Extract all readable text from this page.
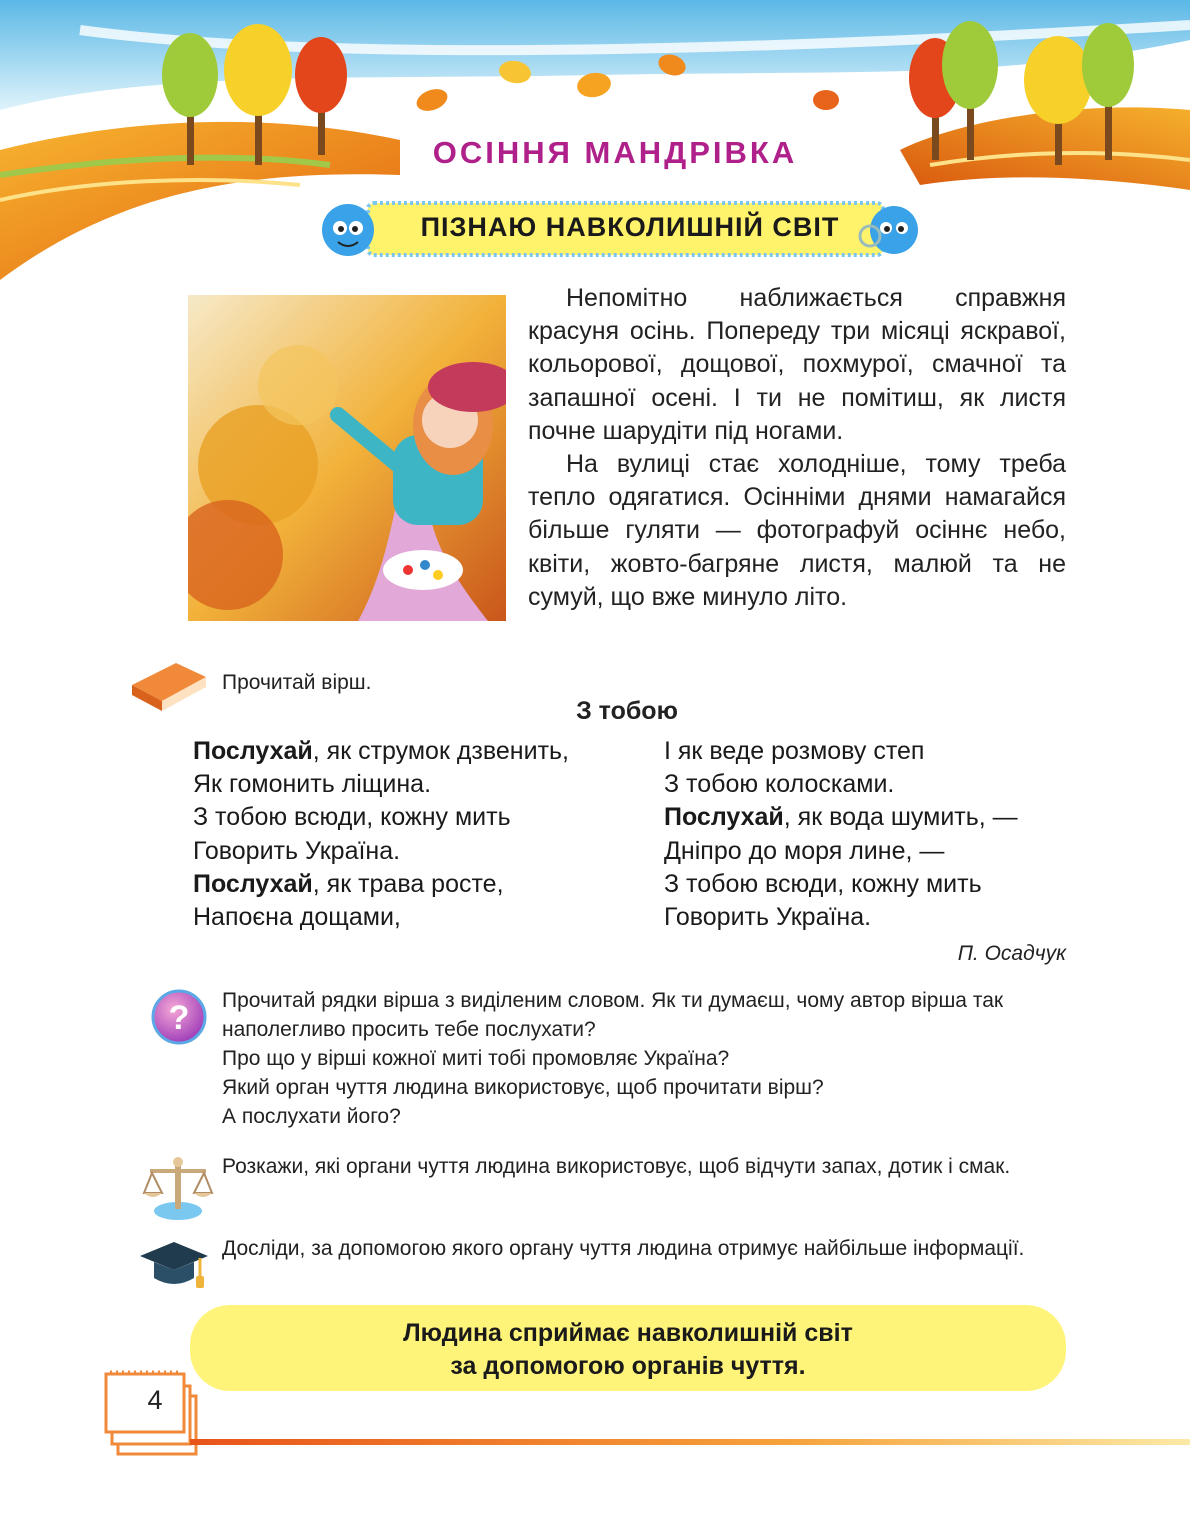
ОСІННЯ МАНДРІВКА
ПІЗНАЮ НАВКОЛИШНІЙ СВІТ

Непомітно наближається справжня красуня осінь. Попереду три місяці яскравої, кольорової, дощової, похмурої, смачної та запашної осені. І ти не помітиш, як листя почне шарудіти під ногами.

На вулиці стає холодніше, тому треба тепло одягатися. Осінніми днями намагайся більше гуляти — фотографуй осіннє небо, квіти, жовто-багряне листя, малюй та не сумуй, що вже минуло літо.

Прочитай вірш.
З тобою
Послухай, як струмок дзвенить,
Як гомонить ліщина.
З тобою всюди, кожну мить
Говорить Україна.
Послухай, як трава росте,
Напоєна дощами,
І як веде розмову степ
З тобою колосками.
Послухай, як вода шумить, —
Дніпро до моря лине, —
З тобою всюди, кожну мить
Говорить Україна.
П. Осадчук
? Прочитай рядки вірша з виділеним словом. Як ти думаєш, чому автор вірша так наполегливо просить тебе послухати?
Про що у вірші кожної миті тобі промовляє Україна?
Який орган чуття людина використовує, щоб прочитати вірш?
А послухати його?
Розкажи, які органи чуття людина використовує, щоб відчути запах, дотик і смак.
Досліди, за допомогою якого органу чуття людина отримує найбільше інформації.
Людина сприймає навколишній світ
за допомогою органів чуття.
4
